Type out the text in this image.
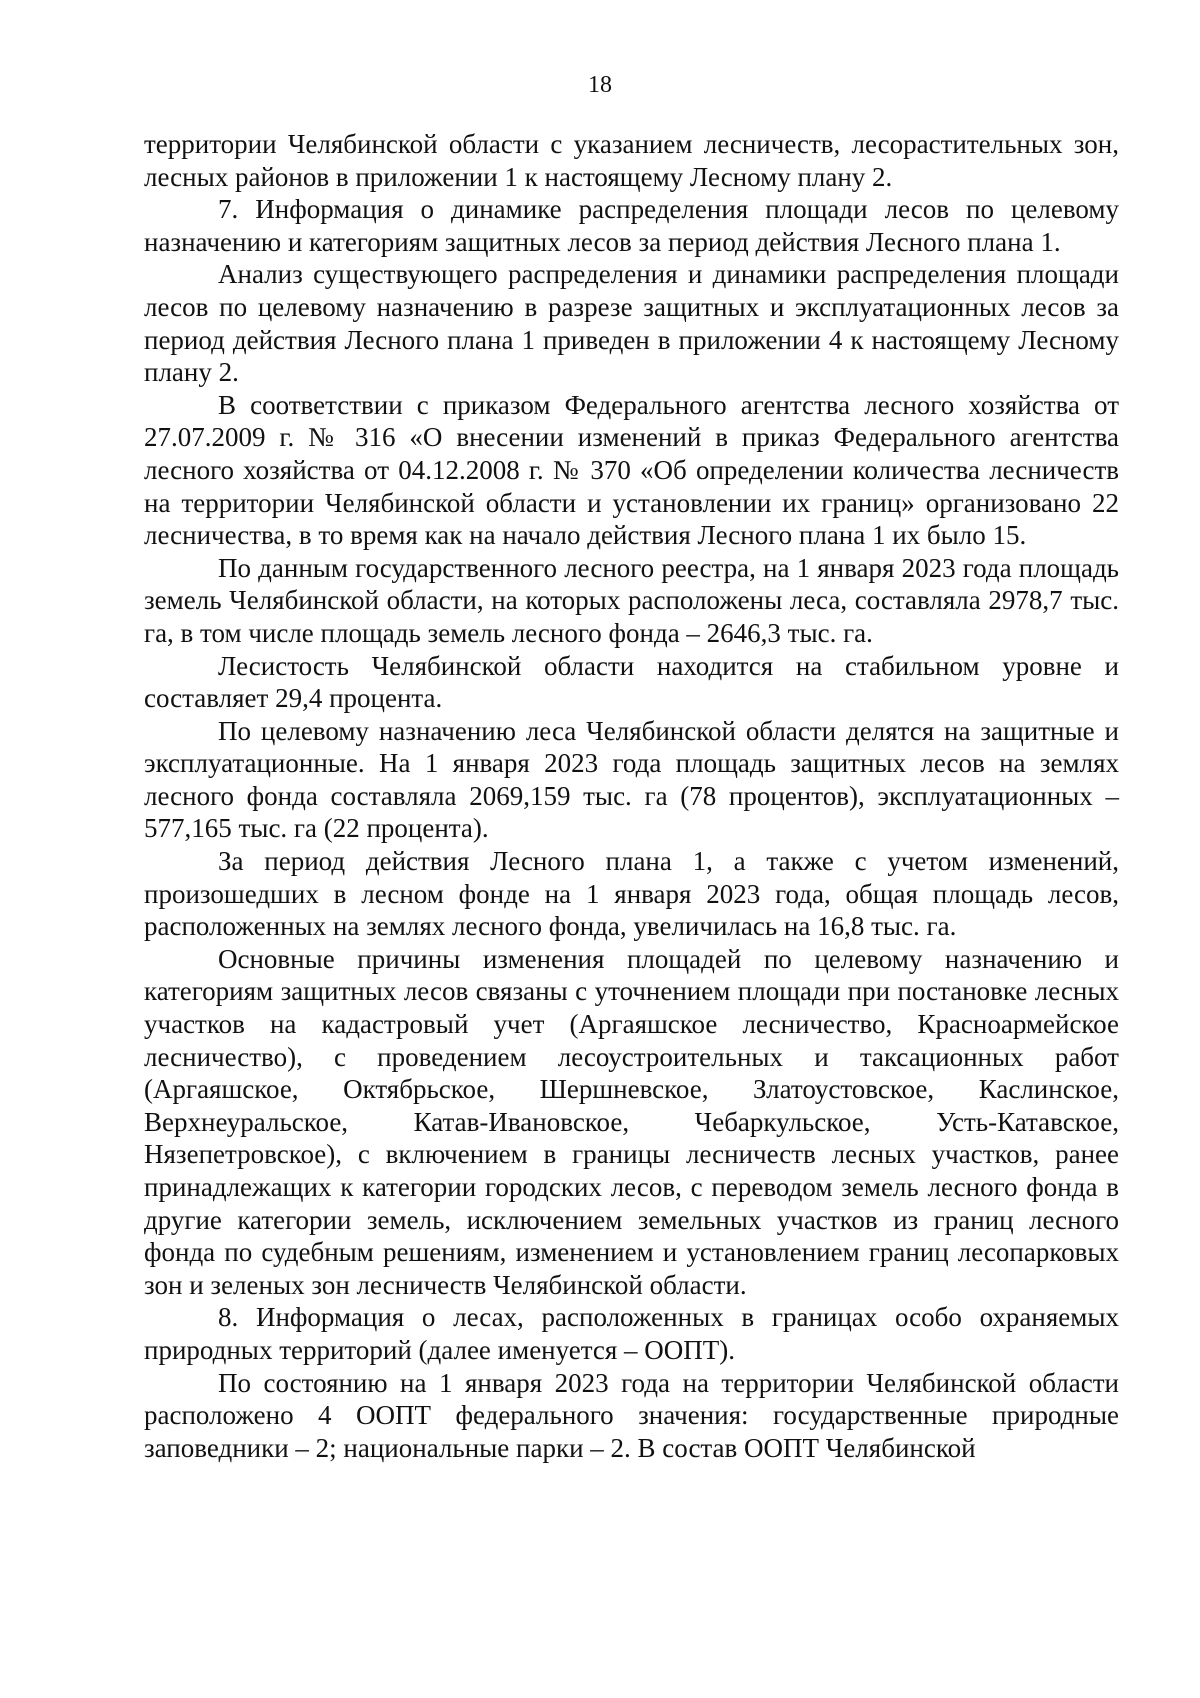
18

территории Челябинской области с указанием лесничеств, лесорастительных зон, лесных районов в приложении 1 к настоящему Лесному плану 2.

7. Информация о динамике распределения площади лесов по целевому назначению и категориям защитных лесов за период действия Лесного плана 1.

Анализ существующего распределения и динамики распределения площади лесов по целевому назначению в разрезе защитных и эксплуатационных лесов за период действия Лесного плана 1 приведен в приложении 4 к настоящему Лесному плану 2.

В соответствии с приказом Федерального агентства лесного хозяйства от 27.07.2009 г. № 316 «О внесении изменений в приказ Федерального агентства лесного хозяйства от 04.12.2008 г. № 370 «Об определении количества лесничеств на территории Челябинской области и установлении их границ» организовано 22 лесничества, в то время как на начало действия Лесного плана 1 их было 15.

По данным государственного лесного реестра, на 1 января 2023 года площадь земель Челябинской области, на которых расположены леса, составляла 2978,7 тыс. га, в том числе площадь земель лесного фонда – 2646,3 тыс. га.

Лесистость Челябинской области находится на стабильном уровне и составляет 29,4 процента.

По целевому назначению леса Челябинской области делятся на защитные и эксплуатационные. На 1 января 2023 года площадь защитных лесов на землях лесного фонда составляла 2069,159 тыс. га (78 процентов), эксплуатационных – 577,165 тыс. га (22 процента).

За период действия Лесного плана 1, а также с учетом изменений, произошедших в лесном фонде на 1 января 2023 года, общая площадь лесов, расположенных на землях лесного фонда, увеличилась на 16,8 тыс. га.

Основные причины изменения площадей по целевому назначению и категориям защитных лесов связаны с уточнением площади при постановке лесных участков на кадастровый учет (Аргаяшское лесничество, Красноармейское лесничество), с проведением лесоустроительных и таксационных работ (Аргаяшское, Октябрьское, Шершневское, Златоустовское, Каслинское, Верхнеуральское, Катав-Ивановское, Чебаркульское, Усть-Катавское, Нязепетровское), с включением в границы лесничеств лесных участков, ранее принадлежащих к категории городских лесов, с переводом земель лесного фонда в другие категории земель, исключением земельных участков из границ лесного фонда по судебным решениям, изменением и установлением границ лесопарковых зон и зеленых зон лесничеств Челябинской области.

8. Информация о лесах, расположенных в границах особо охраняемых природных территорий (далее именуется – ООПТ).

По состоянию на 1 января 2023 года на территории Челябинской области расположено 4 ООПТ федерального значения: государственные природные заповедники – 2; национальные парки – 2. В состав ООПТ Челябинской
